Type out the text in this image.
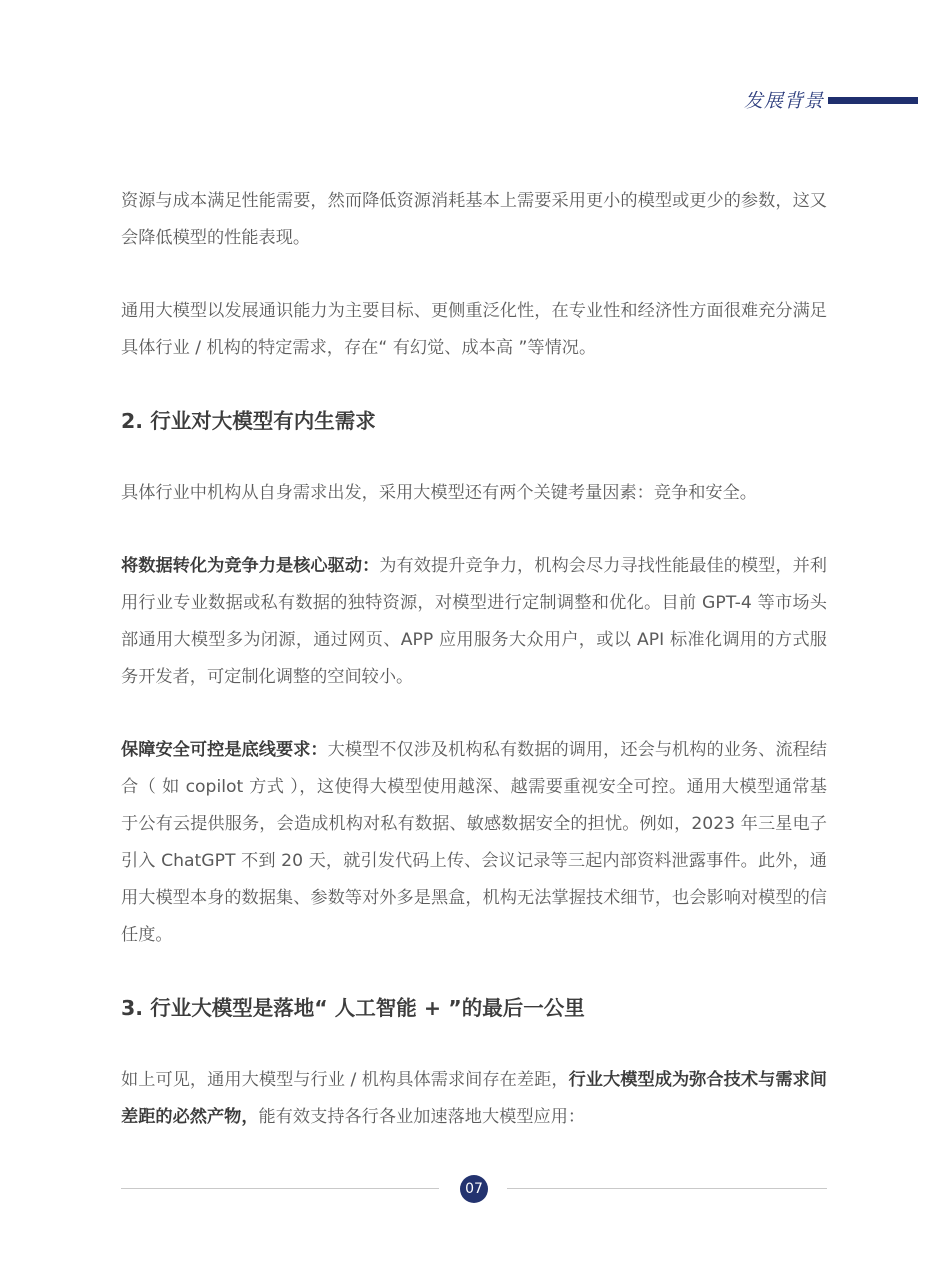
发展背景

资源与成本满足性能需要，然而降低资源消耗基本上需要采用更小的模型或更少的参数，这又会降低模型的性能表现。

通用大模型以发展通识能力为主要目标、更侧重泛化性，在专业性和经济性方面很难充分满足具体行业 / 机构的特定需求，存在“ 有幻觉、成本高 ”等情况。

2. 行业对大模型有内生需求

具体行业中机构从自身需求出发，采用大模型还有两个关键考量因素：竞争和安全。

将数据转化为竞争力是核心驱动：为有效提升竞争力，机构会尽力寻找性能最佳的模型，并利用行业专业数据或私有数据的独特资源，对模型进行定制调整和优化。目前 GPT-4 等市场头部通用大模型多为闭源，通过网页、APP 应用服务大众用户，或以 API 标准化调用的方式服务开发者，可定制化调整的空间较小。

保障安全可控是底线要求：大模型不仅涉及机构私有数据的调用，还会与机构的业务、流程结合（ 如 copilot 方式 ），这使得大模型使用越深、越需要重视安全可控。通用大模型通常基于公有云提供服务，会造成机构对私有数据、敏感数据安全的担忧。例如，2023 年三星电子引入 ChatGPT 不到 20 天，就引发代码上传、会议记录等三起内部资料泄露事件。此外，通用大模型本身的数据集、参数等对外多是黑盒，机构无法掌握技术细节，也会影响对模型的信任度。

3. 行业大模型是落地“ 人工智能 + ”的最后一公里

如上可见，通用大模型与行业 / 机构具体需求间存在差距，行业大模型成为弥合技术与需求间差距的必然产物，能有效支持各行各业加速落地大模型应用：

07
